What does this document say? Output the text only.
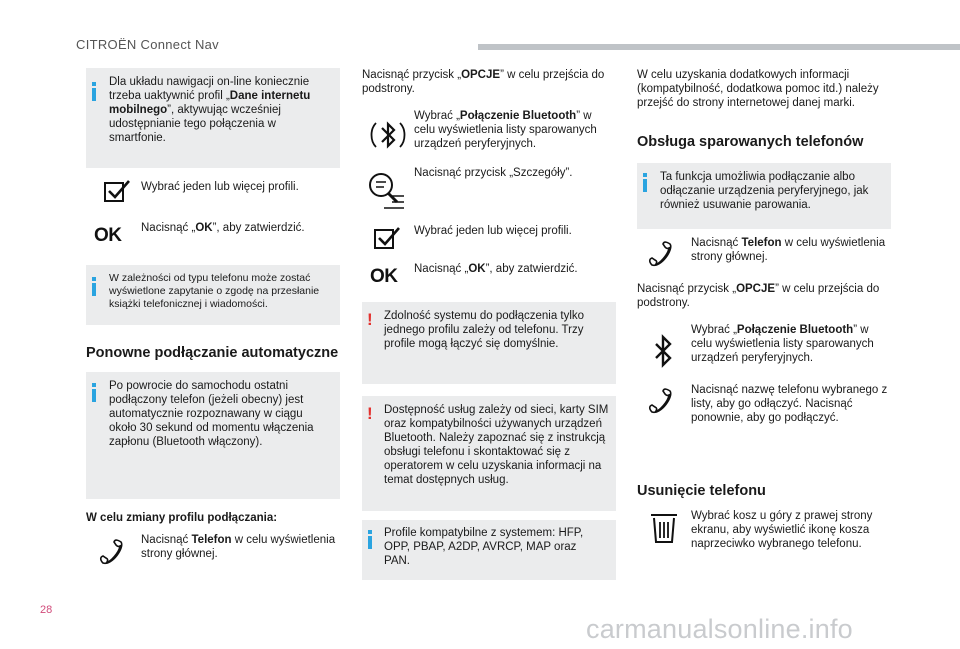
CITROËN Connect Nav
Dla układu nawigacji on-line koniecznie trzeba uaktywnić profil „Dane internetu mobilnego”, aktywując wcześniej udostępnianie tego połączenia w smartfonie.
Wybrać jeden lub więcej profili.
OK Nacisnąć „OK”, aby zatwierdzić.
W zależności od typu telefonu może zostać wyświetlone zapytanie o zgodę na przesłanie książki telefonicznej i wiadomości.
Ponowne podłączanie automatyczne
Po powrocie do samochodu ostatni podłączony telefon (jeżeli obecny) jest automatycznie rozpoznawany w ciągu około 30 sekund od momentu włączenia zapłonu (Bluetooth włączony).
W celu zmiany profilu podłączania:
Nacisnąć Telefon w celu wyświetlenia strony głównej.
Nacisnąć przycisk „OPCJE” w celu przejścia do podstrony.
Wybrać „Połączenie Bluetooth” w celu wyświetlenia listy sparowanych urządzeń peryferyjnych.
Nacisnąć przycisk „Szczegóły”.
Wybrać jeden lub więcej profili.
OK Nacisnąć „OK”, aby zatwierdzić.
! Zdolność systemu do podłączenia tylko jednego profilu zależy od telefonu. Trzy profile mogą łączyć się domyślnie.
! Dostępność usług zależy od sieci, karty SIM oraz kompatybilności używanych urządzeń Bluetooth. Należy zapoznać się z instrukcją obsługi telefonu i skontaktować się z operatorem w celu uzyskania informacji na temat dostępnych usług.
Profile kompatybilne z systemem: HFP, OPP, PBAP, A2DP, AVRCP, MAP oraz PAN.
W celu uzyskania dodatkowych informacji (kompatybilność, dodatkowa pomoc itd.) należy przejść do strony internetowej danej marki.
Obsługa sparowanych telefonów
Ta funkcja umożliwia podłączanie albo odłączanie urządzenia peryferyjnego, jak również usuwanie parowania.
Nacisnąć Telefon w celu wyświetlenia strony głównej.
Nacisnąć przycisk „OPCJE” w celu przejścia do podstrony.
Wybrać „Połączenie Bluetooth” w celu wyświetlenia listy sparowanych urządzeń peryferyjnych.
Nacisnąć nazwę telefonu wybranego z listy, aby go odłączyć. Nacisnąć ponownie, aby go podłączyć.
Usunięcie telefonu
Wybrać kosz u góry z prawej strony ekranu, aby wyświetlić ikonę kosza naprzeciwko wybranego telefonu.
28
carmanualsonline.info
